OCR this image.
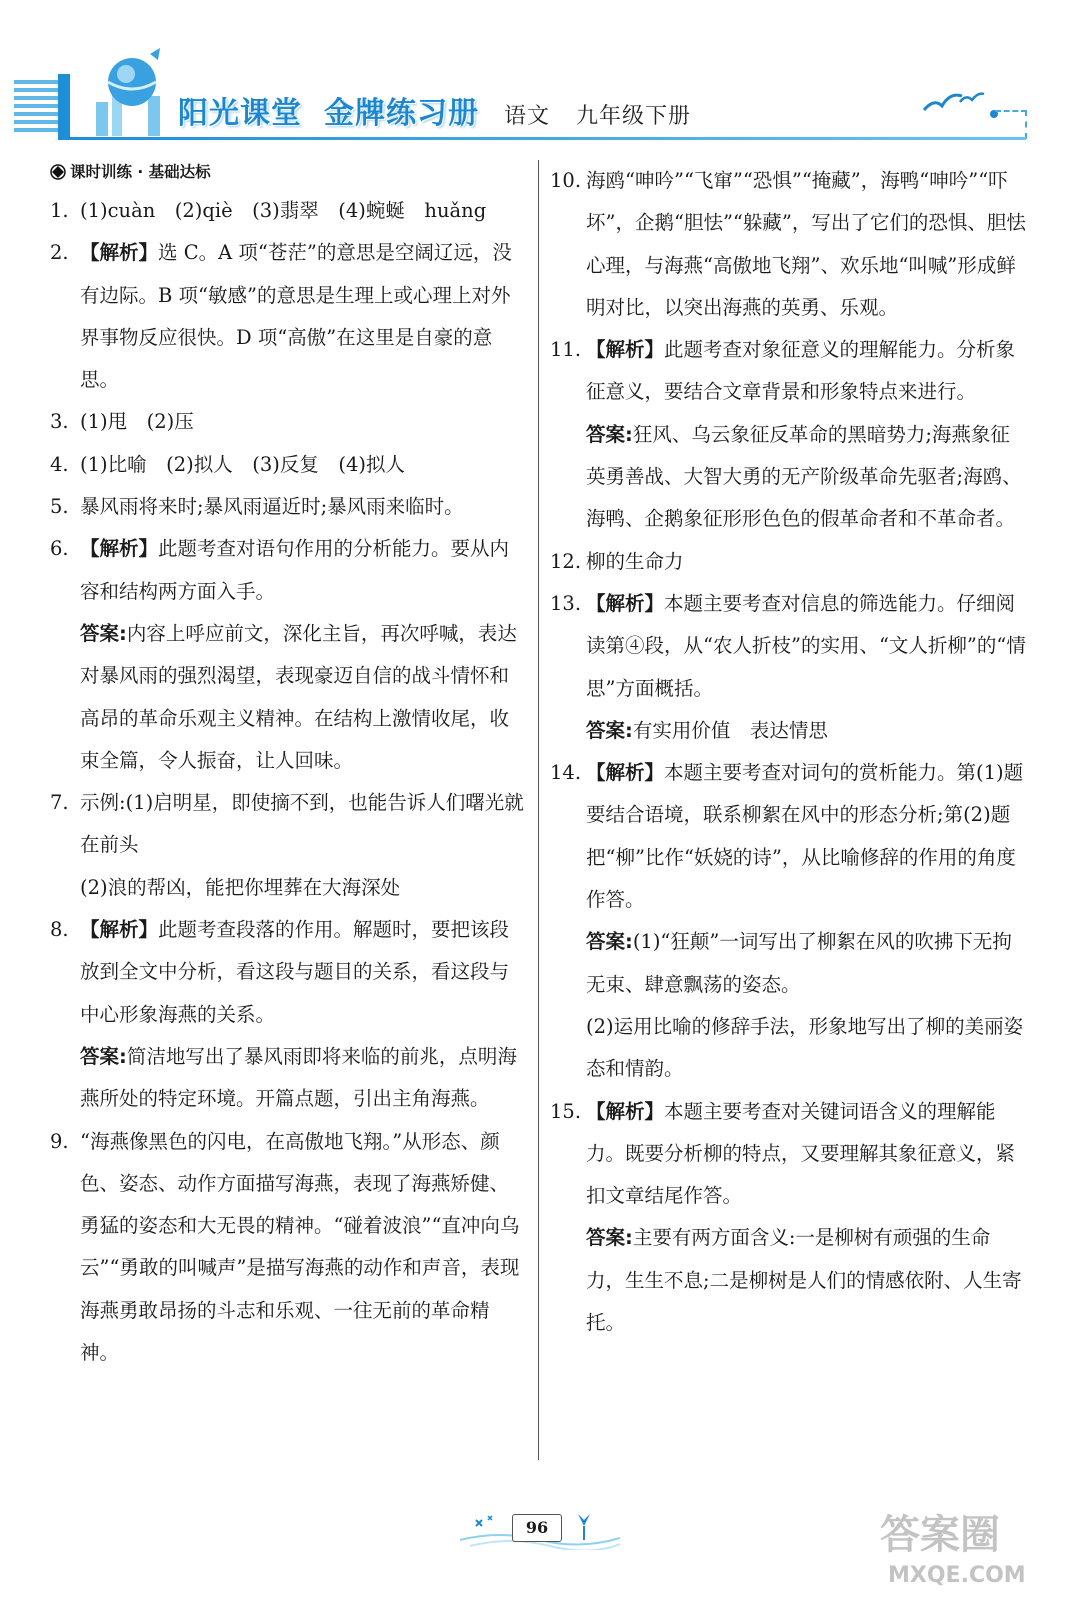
阳光课堂 金牌练习册	语文 九年级下册
课时训练 · 基础达标
1. (1)cuàn　(2)qiè　(3)翡翠　(4)蜿蜒　huǎng
2. 【解析】选 C。A 项“苍茫”的意思是空阔辽远，没有边际。B 项“敏感”的意思是生理上或心理上对外界事物反应很快。D 项“高傲”在这里是自豪的意思。
3. (1)甩　(2)压
4. (1)比喻　(2)拟人　(3)反复　(4)拟人
5. 暴风雨将来时;暴风雨逼近时;暴风雨来临时。
6. 【解析】此题考查对语句作用的分析能力。要从内容和结构两方面入手。
答案:内容上呼应前文，深化主旨，再次呼喊，表达对暴风雨的强烈渴望，表现豪迈自信的战斗情怀和高昂的革命乐观主义精神。在结构上激情收尾，收束全篇，令人振奋，让人回味。
7. 示例:(1)启明星，即使摘不到，也能告诉人们曙光就在前头
(2)浪的帮凶，能把你埋葬在大海深处
8. 【解析】此题考查段落的作用。解题时，要把该段放到全文中分析，看这段与题目的关系，看这段与中心形象海燕的关系。
答案:简洁地写出了暴风雨即将来临的前兆，点明海燕所处的特定环境。开篇点题，引出主角海燕。
9. “海燕像黑色的闪电，在高傲地飞翔。”从形态、颜色、姿态、动作方面描写海燕，表现了海燕矫健、勇猛的姿态和大无畏的精神。“碰着波浪”“直冲向乌云”“勇敢的叫喊声”是描写海燕的动作和声音，表现海燕勇敢昂扬的斗志和乐观、一往无前的革命精神。
10. 海鸥“呻吟”“飞窜”“恐惧”“掩藏”，海鸭“呻吟”“吓坏”，企鹅“胆怯”“躲藏”，写出了它们的恐惧、胆怯心理，与海燕“高傲地飞翔”、欢乐地“叫喊”形成鲜明对比，以突出海燕的英勇、乐观。
11. 【解析】此题考查对象征意义的理解能力。分析象征意义，要结合文章背景和形象特点来进行。
答案:狂风、乌云象征反革命的黑暗势力;海燕象征英勇善战、大智大勇的无产阶级革命先驱者;海鸥、海鸭、企鹅象征形形色色的假革命者和不革命者。
12. 柳的生命力
13. 【解析】本题主要考查对信息的筛选能力。仔细阅读第④段，从“农人折枝”的实用、“文人折柳”的“情思”方面概括。
答案:有实用价值　表达情思
14. 【解析】本题主要考查对词句的赏析能力。第(1)题要结合语境，联系柳絮在风中的形态分析;第(2)题把“柳”比作“妖娆的诗”，从比喻修辞的作用的角度作答。
答案:(1)“狂颠”一词写出了柳絮在风的吹拂下无拘无束、肆意飘荡的姿态。
(2)运用比喻的修辞手法，形象地写出了柳的美丽姿态和情韵。
15. 【解析】本题主要考查对关键词语含义的理解能力。既要分析柳的特点，又要理解其象征意义，紧扣文章结尾作答。
答案:主要有两方面含义:一是柳树有顽强的生命力，生生不息;二是柳树是人们的情感依附、人生寄托。
96	答案圈
MXQE.COM
